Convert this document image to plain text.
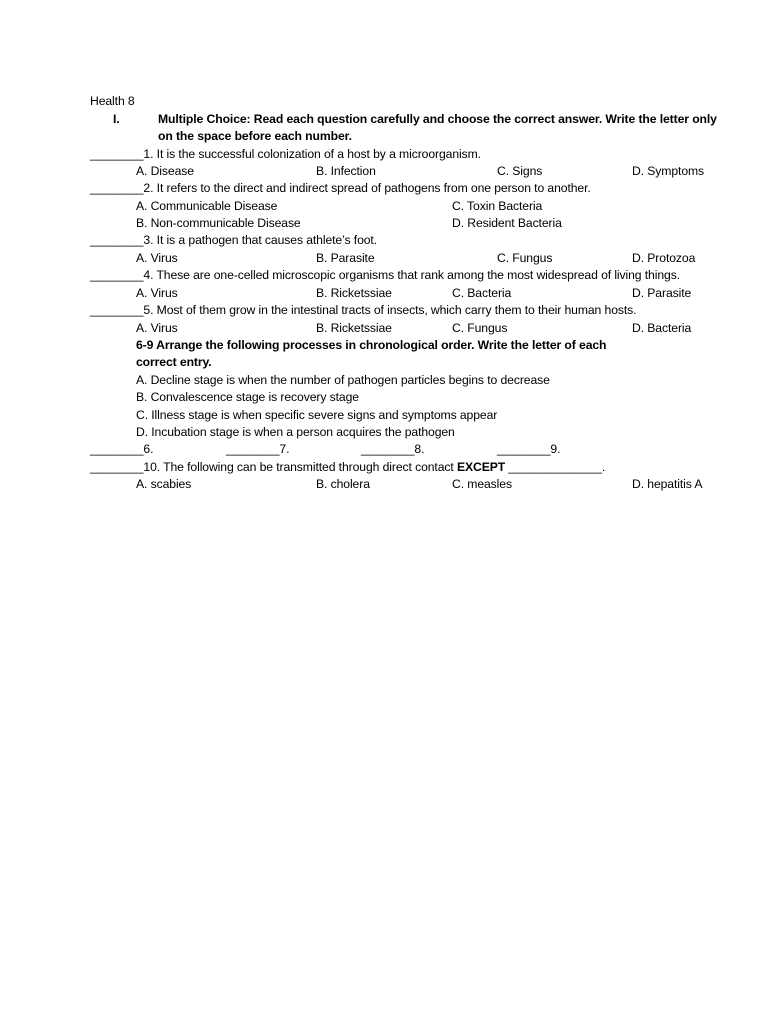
Health 8
I.	Multiple Choice: Read each question carefully and choose the correct answer. Write the letter only
on the space before each number.
________1. It is the successful colonization of a host by a microorganism.
A. Disease	B. Infection	C. Signs	D. Symptoms
________2. It refers to the direct and indirect spread of pathogens from one person to another.
A. Communicable Disease	C. Toxin Bacteria
B. Non-communicable Disease	D. Resident Bacteria
________3. It is a pathogen that causes athlete’s foot.
A. Virus	B. Parasite	C. Fungus	D. Protozoa
________4. These are one-celled microscopic organisms that rank among the most widespread of living things.
A. Virus	B. Ricketssiae	C. Bacteria	D. Parasite
________5. Most of them grow in the intestinal tracts of insects, which carry them to their human hosts.
A. Virus	B. Ricketssiae	C. Fungus	D. Bacteria
6-9 Arrange the following processes in chronological order. Write the letter of each
correct entry.
A. Decline stage is when the number of pathogen particles begins to decrease
B. Convalescence stage is recovery stage
C. Illness stage is when specific severe signs and symptoms appear
D. Incubation stage is when a person acquires the pathogen
________6.	________7.	________8.	________9.
________10. The following can be transmitted through direct contact EXCEPT ______________.
A. scabies	B. cholera	C. measles	D. hepatitis A
